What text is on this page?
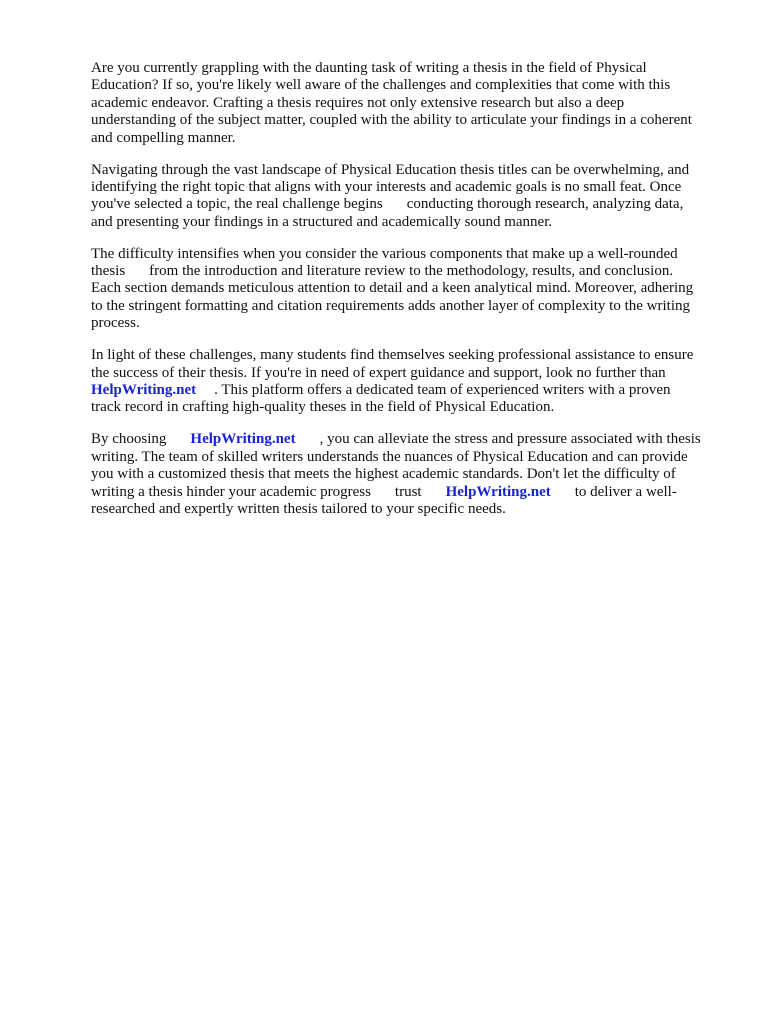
Are you currently grappling with the daunting task of writing a thesis in the field of Physical
Education? If so, you're likely well aware of the challenges and complexities that come with this
academic endeavor. Crafting a thesis requires not only extensive research but also a deep
understanding of the subject matter, coupled with the ability to articulate your findings in a coherent
and compelling manner.

Navigating through the vast landscape of Physical Education thesis titles can be overwhelming, and
identifying the right topic that aligns with your interests and academic goals is no small feat. Once
you've selected a topic, the real challenge begins conducting thorough research, analyzing data,
and presenting your findings in a structured and academically sound manner.

The difficulty intensifies when you consider the various components that make up a well-rounded
thesis from the introduction and literature review to the methodology, results, and conclusion.
Each section demands meticulous attention to detail and a keen analytical mind. Moreover, adhering
to the stringent formatting and citation requirements adds another layer of complexity to the writing
process.

In light of these challenges, many students find themselves seeking professional assistance to ensure
the success of their thesis. If you're in need of expert guidance and support, look no further than
HelpWriting.net . This platform offers a dedicated team of experienced writers with a proven
track record in crafting high-quality theses in the field of Physical Education.

By choosing HelpWriting.net , you can alleviate the stress and pressure associated with thesis
writing. The team of skilled writers understands the nuances of Physical Education and can provide
you with a customized thesis that meets the highest academic standards. Don't let the difficulty of
writing a thesis hinder your academic progress trust HelpWriting.net to deliver a well-
researched and expertly written thesis tailored to your specific needs.
